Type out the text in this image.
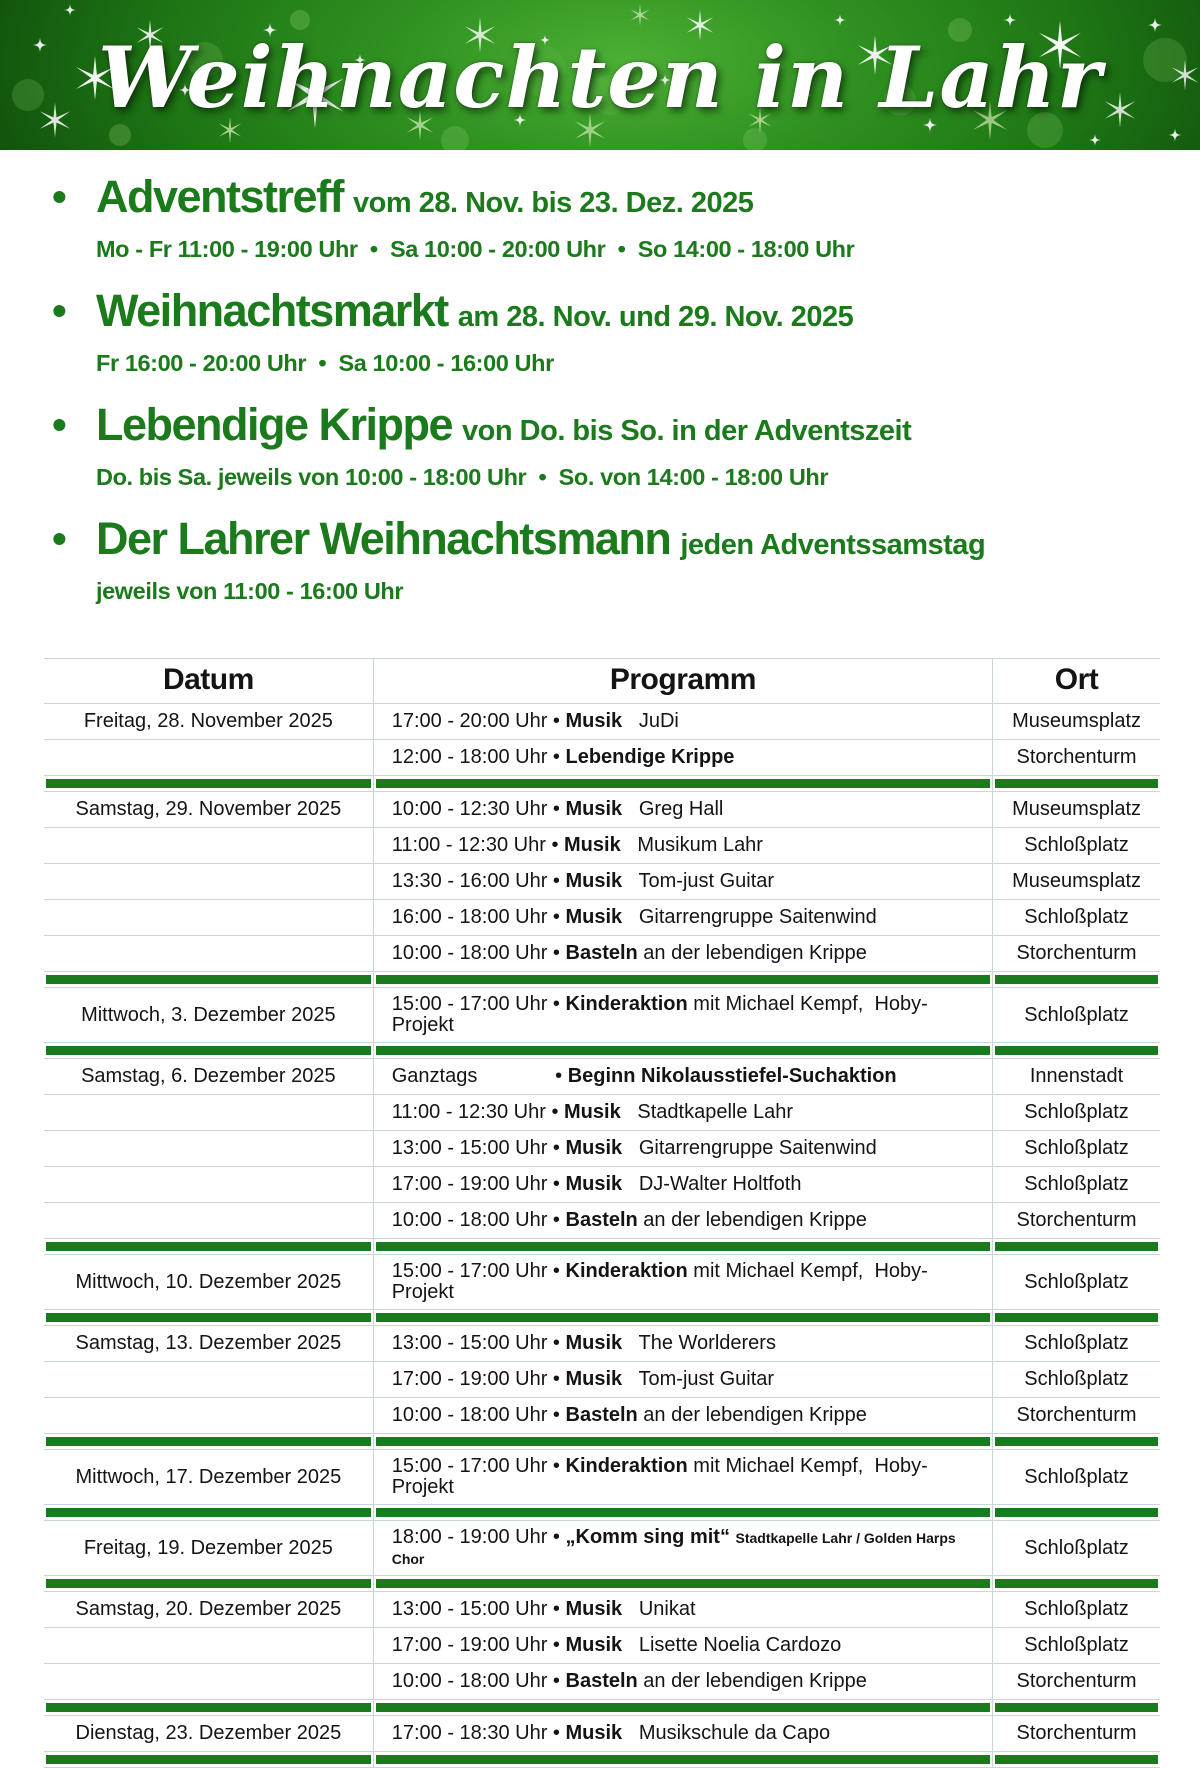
Weihnachten in Lahr
• Adventstreff vom 28. Nov. bis 23. Dez. 2025
Mo - Fr 11:00 - 19:00 Uhr  •  Sa 10:00 - 20:00 Uhr  •  So 14:00 - 18:00 Uhr
• Weihnachtsmarkt am 28. Nov. und 29. Nov. 2025
Fr 16:00 - 20:00 Uhr  •  Sa 10:00 - 16:00 Uhr
• Lebendige Krippe von Do. bis So. in der Adventszeit
Do. bis Sa. jeweils von 10:00 - 18:00 Uhr  •  So. von 14:00 - 18:00 Uhr
• Der Lahrer Weihnachtsmann jeden Adventssamstag
jeweils von 11:00 - 16:00 Uhr
Datum	Programm	Ort
Freitag, 28. November 2025	17:00 - 20:00 Uhr • Musik   JuDi	Museumsplatz
	12:00 - 18:00 Uhr • Lebendige Krippe	Storchenturm

Samstag, 29. November 2025	10:00 - 12:30 Uhr • Musik   Greg Hall	Museumsplatz
	11:00 - 12:30 Uhr • Musik   Musikum Lahr	Schloßplatz
	13:30 - 16:00 Uhr • Musik   Tom-just Guitar	Museumsplatz
	16:00 - 18:00 Uhr • Musik   Gitarrengruppe Saitenwind	Schloßplatz
	10:00 - 18:00 Uhr • Basteln an der lebendigen Krippe	Storchenturm

Mittwoch, 3. Dezember 2025	15:00 - 17:00 Uhr • Kinderaktion mit Michael Kempf,  Hoby-Projekt	Schloßplatz

Samstag, 6. Dezember 2025	Ganztags              • Beginn Nikolausstiefel-Suchaktion	Innenstadt
	11:00 - 12:30 Uhr • Musik   Stadtkapelle Lahr	Schloßplatz
	13:00 - 15:00 Uhr • Musik   Gitarrengruppe Saitenwind	Schloßplatz
	17:00 - 19:00 Uhr • Musik   DJ-Walter Holtfoth	Schloßplatz
	10:00 - 18:00 Uhr • Basteln an der lebendigen Krippe	Storchenturm

Mittwoch, 10. Dezember 2025	15:00 - 17:00 Uhr • Kinderaktion mit Michael Kempf,  Hoby-Projekt	Schloßplatz

Samstag, 13. Dezember 2025	13:00 - 15:00 Uhr • Musik   The Worlderers	Schloßplatz
	17:00 - 19:00 Uhr • Musik   Tom-just Guitar	Schloßplatz
	10:00 - 18:00 Uhr • Basteln an der lebendigen Krippe	Storchenturm

Mittwoch, 17. Dezember 2025	15:00 - 17:00 Uhr • Kinderaktion mit Michael Kempf,  Hoby-Projekt	Schloßplatz

Freitag, 19. Dezember 2025	18:00 - 19:00 Uhr • „Komm sing mit“ Stadtkapelle Lahr / Golden Harps Chor	Schloßplatz

Samstag, 20. Dezember 2025	13:00 - 15:00 Uhr • Musik   Unikat	Schloßplatz
	17:00 - 19:00 Uhr • Musik   Lisette Noelia Cardozo	Schloßplatz
	10:00 - 18:00 Uhr • Basteln an der lebendigen Krippe	Storchenturm

Dienstag, 23. Dezember 2025	17:00 - 18:30 Uhr • Musik   Musikschule da Capo	Storchenturm
